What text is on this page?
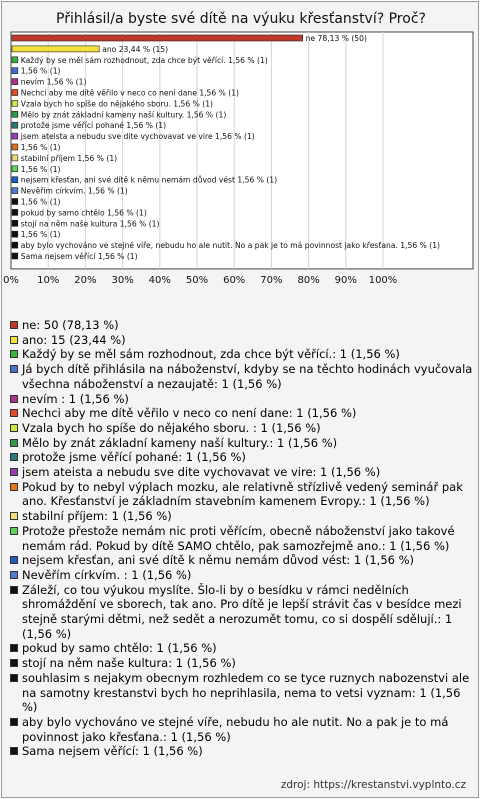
Přihlásil/a byste své dítě na výuku křesťanství? Proč?
0% 10% 20% 30% 40% 50% 60% 70% 80% 90% 100%
ne 78,13 % (50)
ano 23,44 % (15)
Každý by se měl sám rozhodnout, zda chce být věřící. 1,56 % (1)
1,56 % (1)
nevím 1,56 % (1)
Nechci aby me dítě věřilo v neco co není dane 1,56 % (1)
Vzala bych ho spíše do nějakého sboru. 1,56 % (1)
Mělo by znát základní kameny naší kultury. 1,56 % (1)
protože jsme věřící pohané 1,56 % (1)
jsem ateista a nebudu sve dite vychovavat ve vire 1,56 % (1)
1,56 % (1)
stabilní příjem 1,56 % (1)
1,56 % (1)
nejsem křesťan, ani své dítě k němu nemám důvod vést 1,56 % (1)
Nevěřím církvím. 1,56 % (1)
1,56 % (1)
pokud by samo chtělo 1,56 % (1)
stojí na něm naše kultura 1,56 % (1)
1,56 % (1)
aby bylo vychováno ve stejné víře, nebudu ho ale nutit. No a pak je to má povinnost jako křesťana. 1,56 % (1)
Sama nejsem věřící 1,56 % (1)
ne: 50 (78,13 %)
ano: 15 (23,44 %)
Každý by se měl sám rozhodnout, zda chce být věřící.: 1 (1,56 %)
Já bych dítě přihlásila na náboženství, kdyby se na těchto hodinách vyučovala všechna náboženství a nezaujatě: 1 (1,56 %)
nevím : 1 (1,56 %)
Nechci aby me dítě věřilo v neco co není dane: 1 (1,56 %)
Vzala bych ho spíše do nějakého sboru. : 1 (1,56 %)
Mělo by znát základní kameny naší kultury.: 1 (1,56 %)
protože jsme věřící pohané: 1 (1,56 %)
jsem ateista a nebudu sve dite vychovavat ve vire: 1 (1,56 %)
Pokud by to nebyl výplach mozku, ale relativně střízlivě vedený seminář pak ano. Křesťanství je základním stavebním kamenem Evropy.: 1 (1,56 %)
stabilní příjem: 1 (1,56 %)
Protože přestože nemám nic proti věřícím, obecně náboženství jako takové nemám rád. Pokud by dítě SAMO chtělo, pak samozřejmě ano.: 1 (1,56 %)
nejsem křesťan, ani své dítě k němu nemám důvod vést: 1 (1,56 %)
Nevěřím církvím. : 1 (1,56 %)
Záleží, co tou výukou myslíte. Šlo-li by o besídku v rámci nedělních shromáždění ve sborech, tak ano. Pro dítě je lepší strávit čas v besídce mezi stejně starými dětmi, než sedět a nerozumět tomu, co si dospělí sdělují.: 1 (1,56 %)
pokud by samo chtělo: 1 (1,56 %)
stojí na něm naše kultura: 1 (1,56 %)
souhlasim s nejakym obecnym rozhledem co se tyce ruznych nabozenstvi ale na samotny krestanstvi bych ho neprihlasila, nema to vetsi vyznam: 1 (1,56 %)
aby bylo vychováno ve stejné víře, nebudu ho ale nutit. No a pak je to má povinnost jako křesťana.: 1 (1,56 %)
Sama nejsem věřící: 1 (1,56 %)
zdroj: https://krestanstvi.vyplnto.cz
